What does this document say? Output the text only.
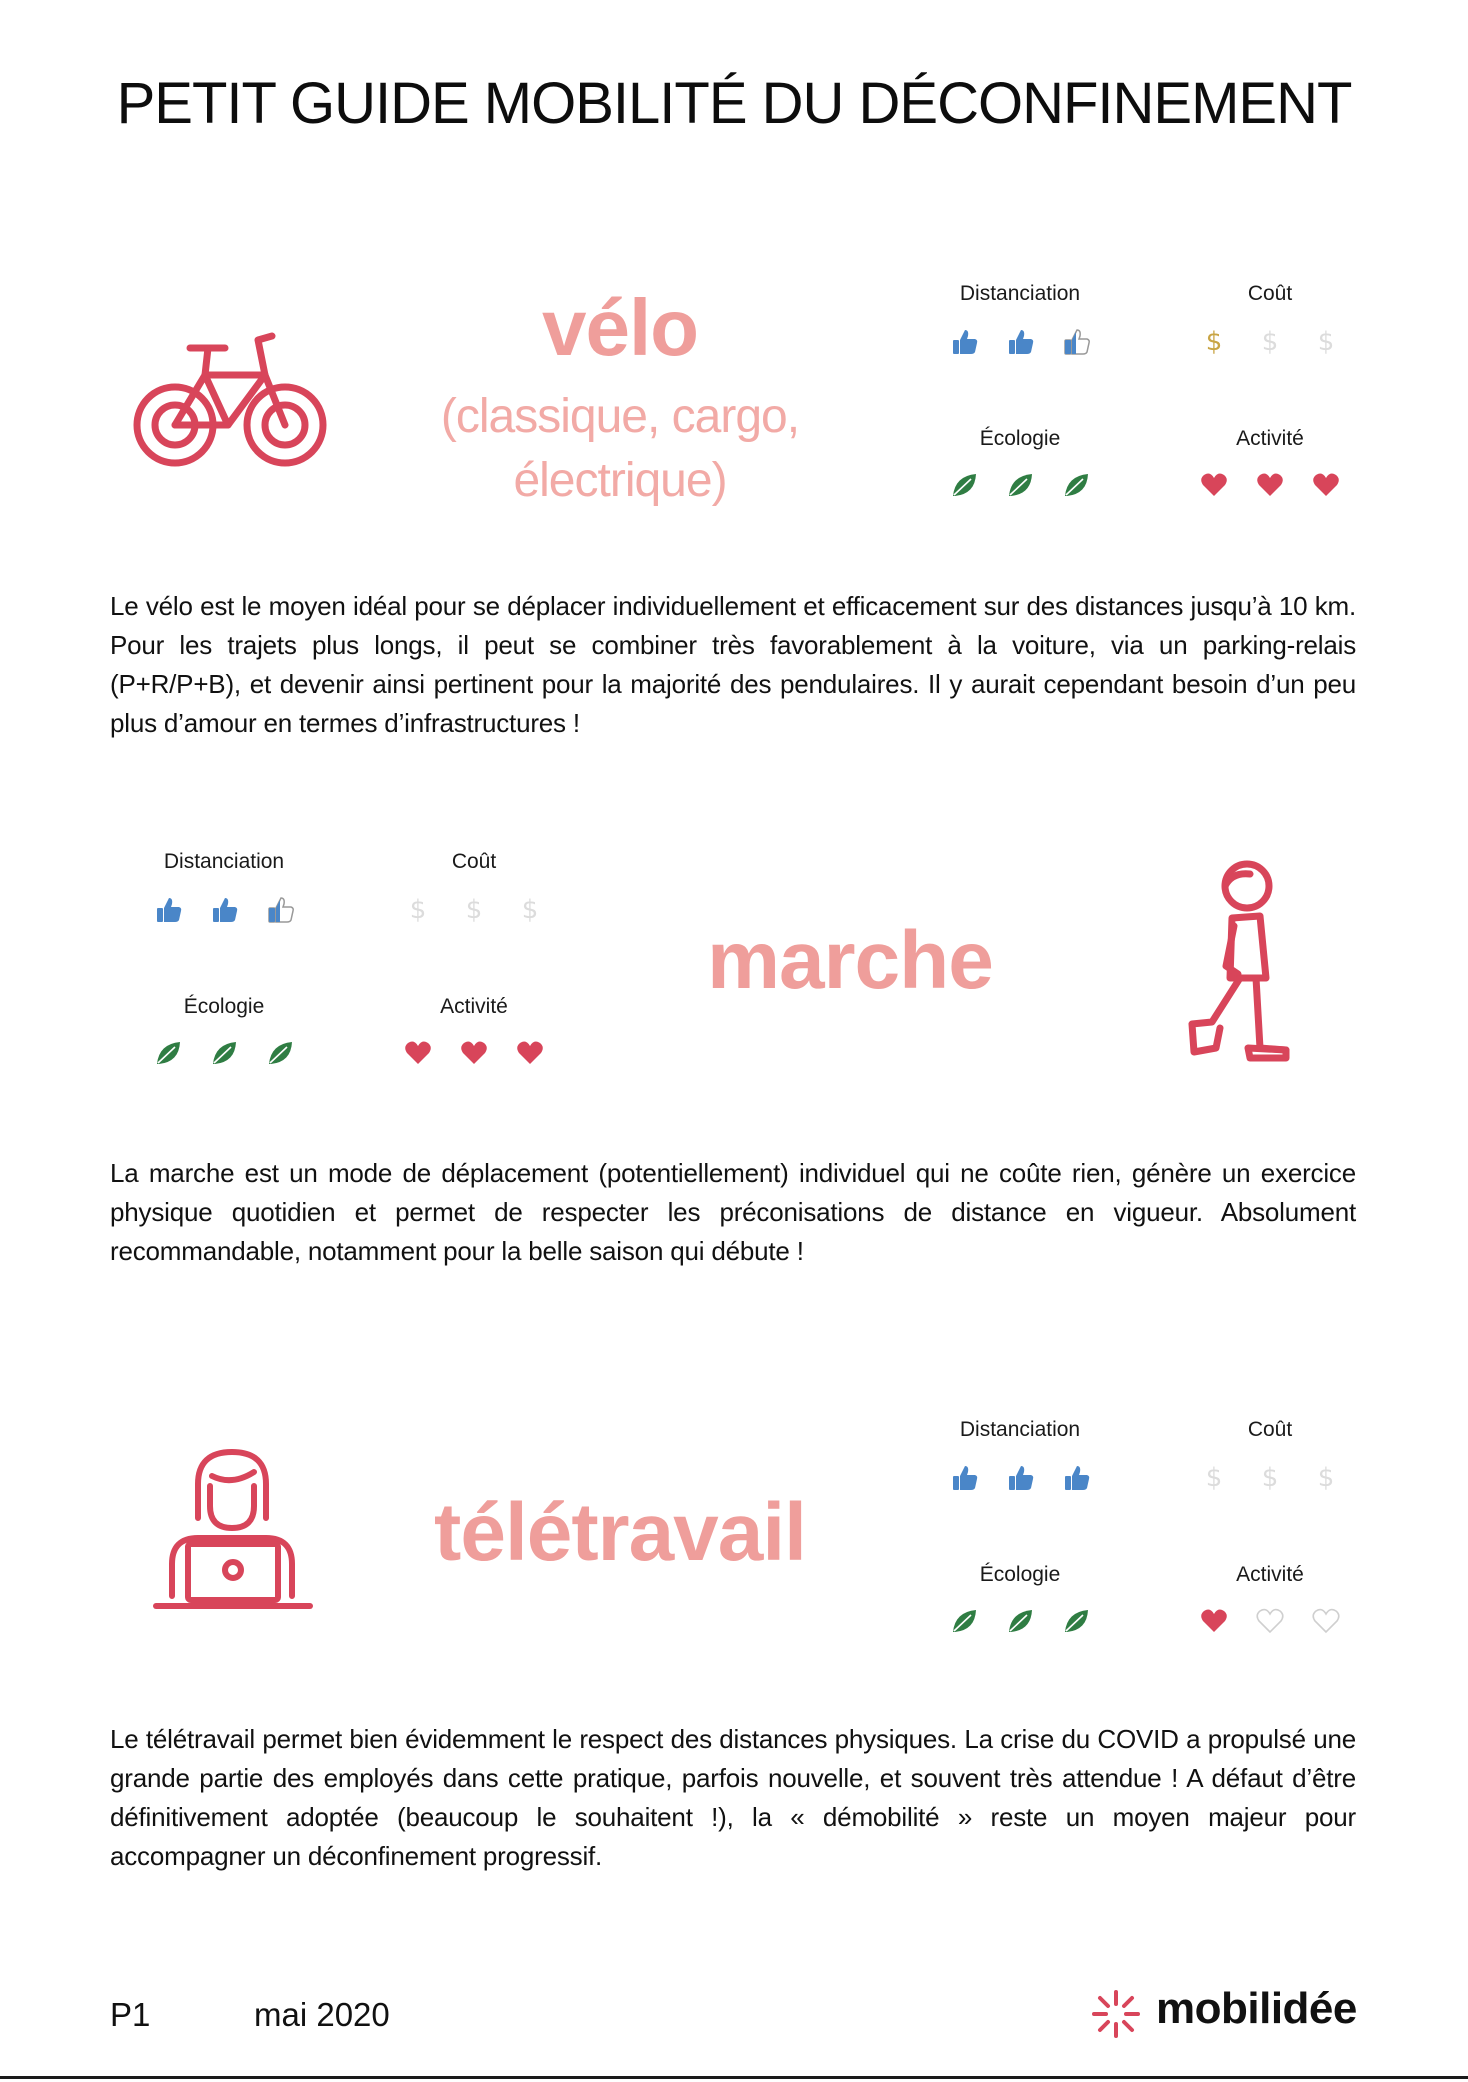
PETIT GUIDE MOBILITÉ DU DÉCONFINEMENT
vélo
(classique, cargo,
électrique)
Distanciation	Coût
$ $ $
Écologie	Activité
Le vélo est le moyen idéal pour se déplacer individuellement et efficacement sur des distances jusqu’à 10 km. Pour les trajets plus longs, il peut se combiner très favorablement à la voiture, via un parking-relais (P+R/P+B), et devenir ainsi pertinent pour la majorité des pendulaires. Il y aurait cependant besoin d’un peu plus d’amour en termes d’infrastructures !
Distanciation	Coût
$ $ $
Écologie	Activité
marche
La marche est un mode de déplacement (potentiellement) individuel qui ne coûte rien, génère un exercice physique quotidien et permet de respecter les préconisations de distance en vigueur. Absolument recommandable, notamment pour la belle saison qui débute !
télétravail
Distanciation	Coût
$ $ $
Écologie	Activité
Le télétravail permet bien évidemment le respect des distances physiques. La crise du COVID a propulsé une grande partie des employés dans cette pratique, parfois nouvelle, et souvent très attendue ! A défaut d’être définitivement adoptée (beaucoup le souhaitent !), la « démobilité » reste un moyen majeur pour accompagner un déconfinement progressif.
P1	mai 2020	mobilidée
